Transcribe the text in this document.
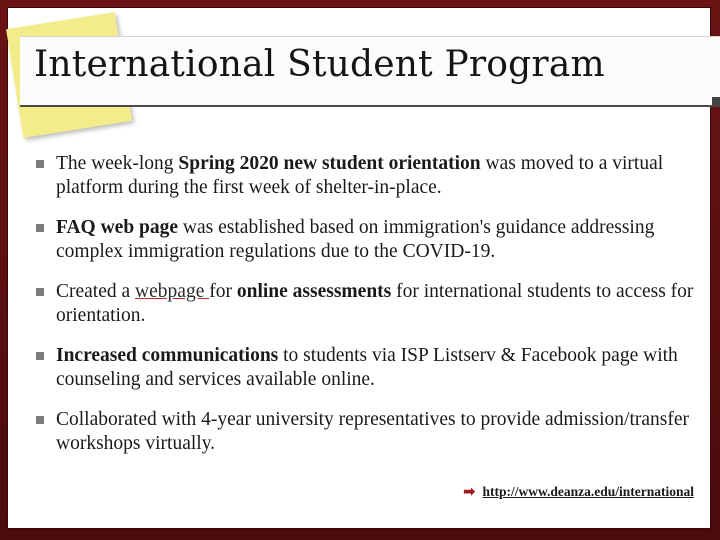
International Student Program
The week-long Spring 2020 new student orientation was moved to a virtual platform during the first week of shelter-in-place.
FAQ web page was established based on immigration's guidance addressing complex immigration regulations due to the COVID-19.
Created a webpage for online assessments for international students to access for orientation.
Increased communications to students via ISP Listserv & Facebook page with counseling and services available online.
Collaborated with 4-year university representatives to provide admission/transfer workshops virtually.
➡ http://www.deanza.edu/international
